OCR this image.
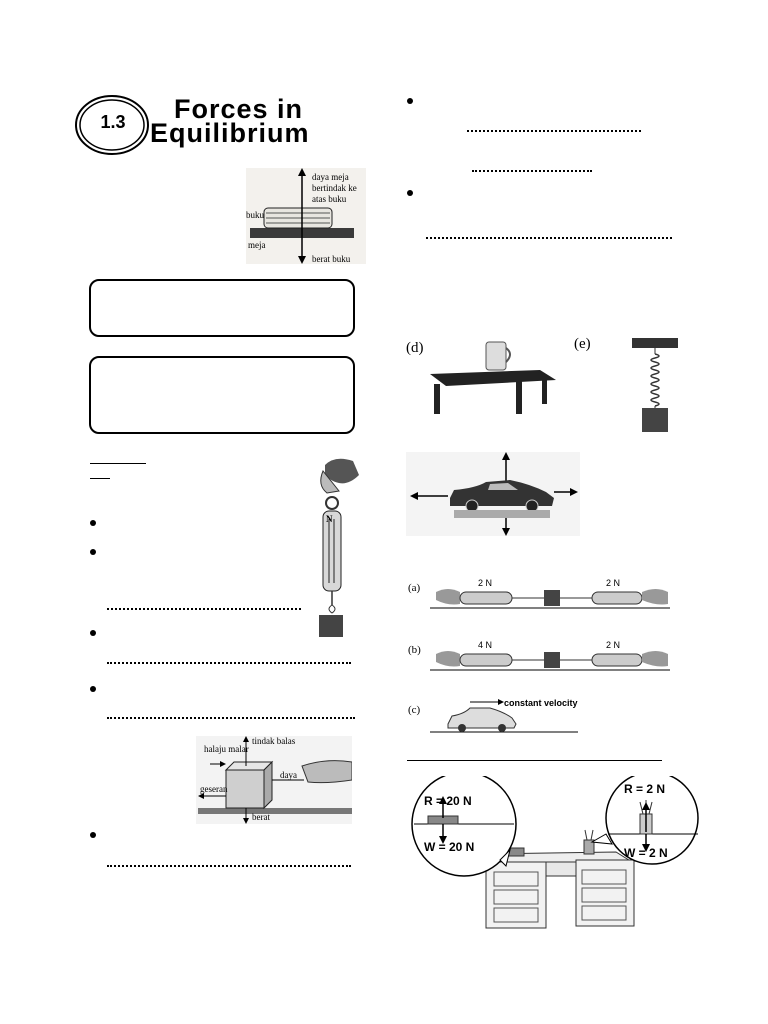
1.3	Forces in
Equilibrium
daya meja bertindak ke atas buku
buku
meja
berat buku
N
halaju malar
tindak balas
daya
geseran
berat
(d)	(e)
(a)	2 N	2 N
(b)	4 N	2 N
(c)
constant velocity
R = 20 N
W = 20 N
R = 2 N
W = 2 N
